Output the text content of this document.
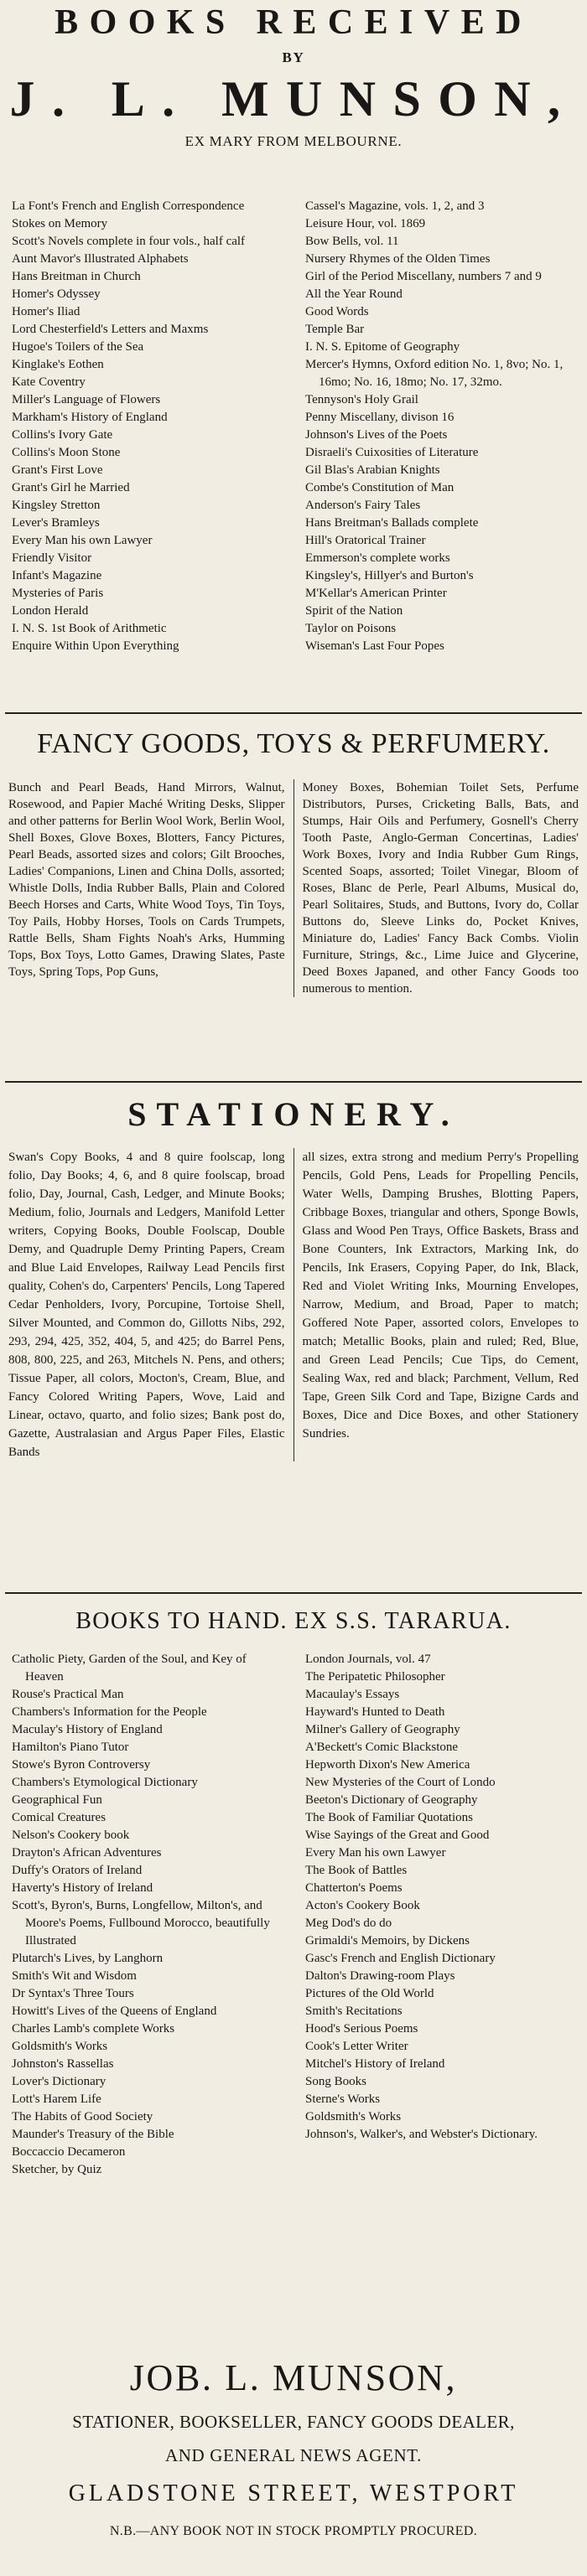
BOOKS RECEIVED
BY
J. L. MUNSON,
EX MARY FROM MELBOURNE.
La Font's French and English Correspondence
Stokes on Memory
Scott's Novels complete in four vols., half calf
Aunt Mavor's Illustrated Alphabets
Hans Breitman in Church
Homer's Odyssey
Homer's Iliad
Lord Chesterfield's Letters and Maxms
Hugoe's Toilers of the Sea
Kinglake's Eothen
Kate Coventry
Miller's Language of Flowers
Markham's History of England
Collins's Ivory Gate
Collins's Moon Stone
Grant's First Love
Grant's Girl he Married
Kingsley Stretton
Lever's Bramleys
Every Man his own Lawyer
Friendly Visitor
Infant's Magazine
Mysteries of Paris
London Herald
I. N. S. 1st Book of Arithmetic
Enquire Within Upon Everything
Cassel's Magazine, vols. 1, 2, and 3
Leisure Hour, vol. 1869
Bow Bells, vol. 11
Nursery Rhymes of the Olden Times
Girl of the Period Miscellany, numbers 7 and 9
All the Year Round
Good Words
Temple Bar
I. N. S. Epitome of Geography
Mercer's Hymns, Oxford edition No. 1, 8vo; No. 1, 16mo; No. 16, 18mo; No. 17, 32mo.
Tennyson's Holy Grail
Penny Miscellany, divison 16
Johnson's Lives of the Poets
Disraeli's Cuixosities of Literature
Gil Blas's Arabian Knights
Combe's Constitution of Man
Anderson's Fairy Tales
Hans Breitman's Ballads complete
Hill's Oratorical Trainer
Emmerson's complete works
Kingsley's, Hillyer's and Burton's
M'Kellar's American Printer
Spirit of the Nation
Taylor on Poisons
Wiseman's Last Four Popes
FANCY GOODS, TOYS & PERFUMERY.
Bunch and Pearl Beads, Hand Mirrors, Walnut, Rosewood, and Papier Maché Writing Desks, Slipper and other patterns for Berlin Wool Work, Berlin Wool, Shell Boxes, Glove Boxes, Blotters, Fancy Pictures, Pearl Beads, assorted sizes and colors; Gilt Brooches, Ladies' Companions, Linen and China Dolls, assorted; Whistle Dolls, India Rubber Balls, Plain and Colored Beech Horses and Carts, White Wood Toys, Tin Toys, Toy Pails, Hobby Horses, Tools on Cards Trumpets, Rattle Bells, Sham Fights Noah's Arks, Humming Tops, Box Toys, Lotto Games, Drawing Slates, Paste Toys, Spring Tops, Pop Guns,
Money Boxes, Bohemian Toilet Sets, Perfume Distributors, Purses, Cricketing Balls, Bats, and Stumps, Hair Oils and Perfumery, Gosnell's Cherry Tooth Paste, Anglo-German Concertinas, Ladies' Work Boxes, Ivory and India Rubber Gum Rings, Scented Soaps, assorted; Toilet Vinegar, Bloom of Roses, Blanc de Perle, Pearl Albums, Musical do, Pearl Solitaires, Studs, and Buttons, Ivory do, Collar Buttons do, Sleeve Links do, Pocket Knives, Miniature do, Ladies' Fancy Back Combs. Violin Furniture, Strings, &c., Lime Juice and Glycerine, Deed Boxes Japaned, and other Fancy Goods too numerous to mention.
STATIONERY.
Swan's Copy Books, 4 and 8 quire foolscap, long folio, Day Books; 4, 6, and 8 quire foolscap, broad folio, Day, Journal, Cash, Ledger, and Minute Books; Medium, folio, Journals and Ledgers, Manifold Letter writers, Copying Books, Double Foolscap, Double Demy, and Quadruple Demy Printing Papers, Cream and Blue Laid Envelopes, Railway Lead Pencils first quality, Cohen's do, Carpenters' Pencils, Long Tapered Cedar Penholders, Ivory, Porcupine, Tortoise Shell, Silver Mounted, and Common do, Gillotts Nibs, 292, 293, 294, 425, 352, 404, 5, and 425; do Barrel Pens, 808, 800, 225, and 263, Mitchels N. Pens, and others; Tissue Paper, all colors, Mocton's, Cream, Blue, and Fancy Colored Writing Papers, Wove, Laid and Linear, octavo, quarto, and folio sizes; Bank post do, Gazette, Australasian and Argus Paper Files, Elastic Bands
all sizes, extra strong and medium Perry's Propelling Pencils, Gold Pens, Leads for Propelling Pencils, Water Wells, Damping Brushes, Blotting Papers, Cribbage Boxes, triangular and others, Sponge Bowls, Glass and Wood Pen Trays, Office Baskets, Brass and Bone Counters, Ink Extractors, Marking Ink, do Pencils, Ink Erasers, Copying Paper, do Ink, Black, Red and Violet Writing Inks, Mourning Envelopes, Narrow, Medium, and Broad, Paper to match; Goffered Note Paper, assorted colors, Envelopes to match; Metallic Books, plain and ruled; Red, Blue, and Green Lead Pencils; Cue Tips, do Cement, Sealing Wax, red and black; Parchment, Vellum, Red Tape, Green Silk Cord and Tape, Bizigne Cards and Boxes, Dice and Dice Boxes, and other Stationery Sundries.
BOOKS TO HAND. EX S.S. TARARUA.
Catholic Piety, Garden of the Soul, and Key of Heaven
Rouse's Practical Man
Chambers's Information for the People
Maculay's History of England
Hamilton's Piano Tutor
Stowe's Byron Controversy
Chambers's Etymological Dictionary
Geographical Fun
Comical Creatures
Nelson's Cookery book
Drayton's African Adventures
Duffy's Orators of Ireland
Haverty's History of Ireland
Scott's, Byron's, Burns, Longfellow, Milton's, and Moore's Poems, Fullbound Morocco, beautifully Illustrated
Plutarch's Lives, by Langhorn
Smith's Wit and Wisdom
Dr Syntax's Three Tours
Howitt's Lives of the Queens of England
Charles Lamb's complete Works
Goldsmith's Works
Johnston's Rassellas
Lover's Dictionary
Lott's Harem Life
The Habits of Good Society
Maunder's Treasury of the Bible
Boccaccio Decameron
Sketcher, by Quiz
London Journals, vol. 47
The Peripatetic Philosopher
Macaulay's Essays
Hayward's Hunted to Death
Milner's Gallery of Geography
A'Beckett's Comic Blackstone
Hepworth Dixon's New America
New Mysteries of the Court of Londo
Beeton's Dictionary of Geography
The Book of Familiar Quotations
Wise Sayings of the Great and Good
Every Man his own Lawyer
The Book of Battles
Chatterton's Poems
Acton's Cookery Book
Meg Dod's do do
Grimaldi's Memoirs, by Dickens
Gasc's French and English Dictionary
Dalton's Drawing-room Plays
Pictures of the Old World
Smith's Recitations
Hood's Serious Poems
Cook's Letter Writer
Mitchel's History of Ireland
Song Books
Sterne's Works
Goldsmith's Works
Johnson's, Walker's, and Webster's Dictionary.
JOB. L. MUNSON,
STATIONER, BOOKSELLER, FANCY GOODS DEALER,
AND GENERAL NEWS AGENT.
GLADSTONE STREET, WESTPORT
N.B.—ANY BOOK NOT IN STOCK PROMPTLY PROCURED.
